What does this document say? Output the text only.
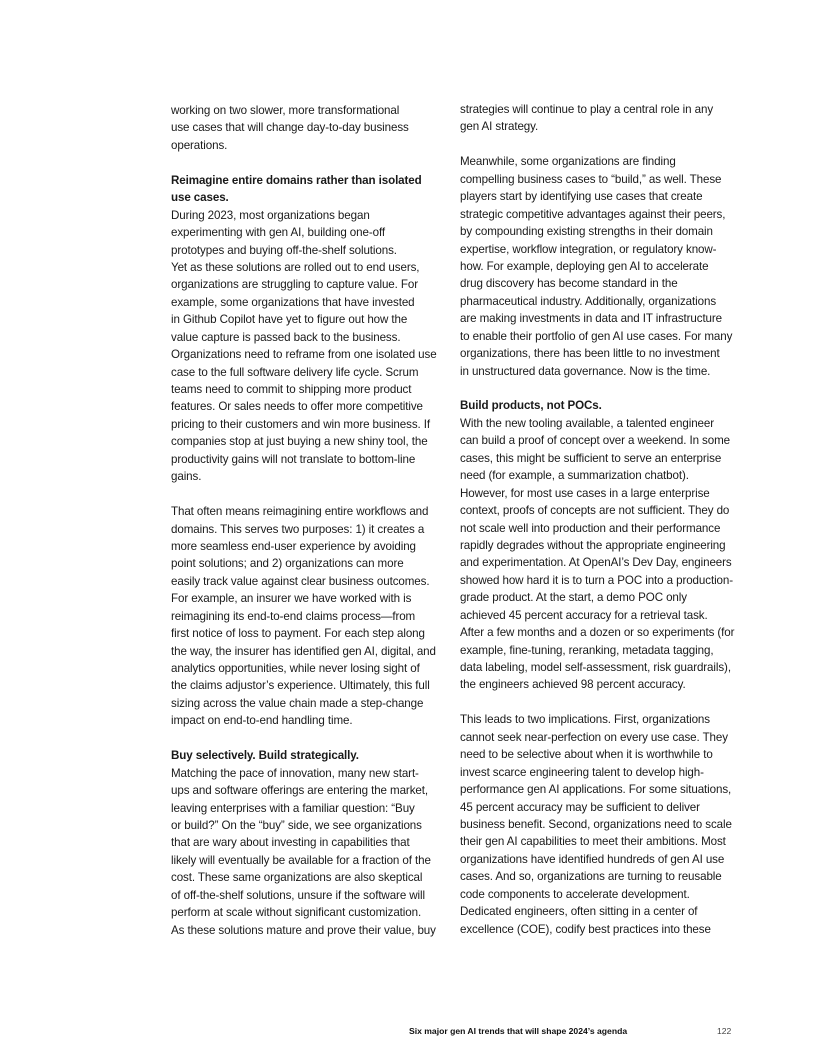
working on two slower, more transformational
use cases that will change day-to-day business
operations.
Reimagine entire domains rather than isolated
use cases.
During 2023, most organizations began
experimenting with gen AI, building one-off
prototypes and buying off-the-shelf solutions.
Yet as these solutions are rolled out to end users,
organizations are struggling to capture value. For
example, some organizations that have invested
in Github Copilot have yet to figure out how the
value capture is passed back to the business.
Organizations need to reframe from one isolated use
case to the full software delivery life cycle. Scrum
teams need to commit to shipping more product
features. Or sales needs to offer more competitive
pricing to their customers and win more business. If
companies stop at just buying a new shiny tool, the
productivity gains will not translate to bottom-line
gains.
That often means reimagining entire workflows and
domains. This serves two purposes: 1) it creates a
more seamless end-user experience by avoiding
point solutions; and 2) organizations can more
easily track value against clear business outcomes.
For example, an insurer we have worked with is
reimagining its end-to-end claims process—from
first notice of loss to payment. For each step along
the way, the insurer has identified gen AI, digital, and
analytics opportunities, while never losing sight of
the claims adjustor’s experience. Ultimately, this full
sizing across the value chain made a step-change
impact on end-to-end handling time.
Buy selectively. Build strategically.
Matching the pace of innovation, many new start-
ups and software offerings are entering the market,
leaving enterprises with a familiar question: “Buy
or build?” On the “buy” side, we see organizations
that are wary about investing in capabilities that
likely will eventually be available for a fraction of the
cost. These same organizations are also skeptical
of off-the-shelf solutions, unsure if the software will
perform at scale without significant customization.
As these solutions mature and prove their value, buy
strategies will continue to play a central role in any
gen AI strategy.
Meanwhile, some organizations are finding
compelling business cases to “build,” as well. These
players start by identifying use cases that create
strategic competitive advantages against their peers,
by compounding existing strengths in their domain
expertise, workflow integration, or regulatory know-
how. For example, deploying gen AI to accelerate
drug discovery has become standard in the
pharmaceutical industry. Additionally, organizations
are making investments in data and IT infrastructure
to enable their portfolio of gen AI use cases. For many
organizations, there has been little to no investment
in unstructured data governance. Now is the time.
Build products, not POCs.
With the new tooling available, a talented engineer
can build a proof of concept over a weekend. In some
cases, this might be sufficient to serve an enterprise
need (for example, a summarization chatbot).
However, for most use cases in a large enterprise
context, proofs of concepts are not sufficient. They do
not scale well into production and their performance
rapidly degrades without the appropriate engineering
and experimentation. At OpenAI’s Dev Day, engineers
showed how hard it is to turn a POC into a production-
grade product. At the start, a demo POC only
achieved 45 percent accuracy for a retrieval task.
After a few months and a dozen or so experiments (for
example, fine-tuning, reranking, metadata tagging,
data labeling, model self-assessment, risk guardrails),
the engineers achieved 98 percent accuracy.
This leads to two implications. First, organizations
cannot seek near-perfection on every use case. They
need to be selective about when it is worthwhile to
invest scarce engineering talent to develop high-
performance gen AI applications. For some situations,
45 percent accuracy may be sufficient to deliver
business benefit. Second, organizations need to scale
their gen AI capabilities to meet their ambitions. Most
organizations have identified hundreds of gen AI use
cases. And so, organizations are turning to reusable
code components to accelerate development.
Dedicated engineers, often sitting in a center of
excellence (COE), codify best practices into these
Six major gen AI trends that will shape 2024’s agenda	122
